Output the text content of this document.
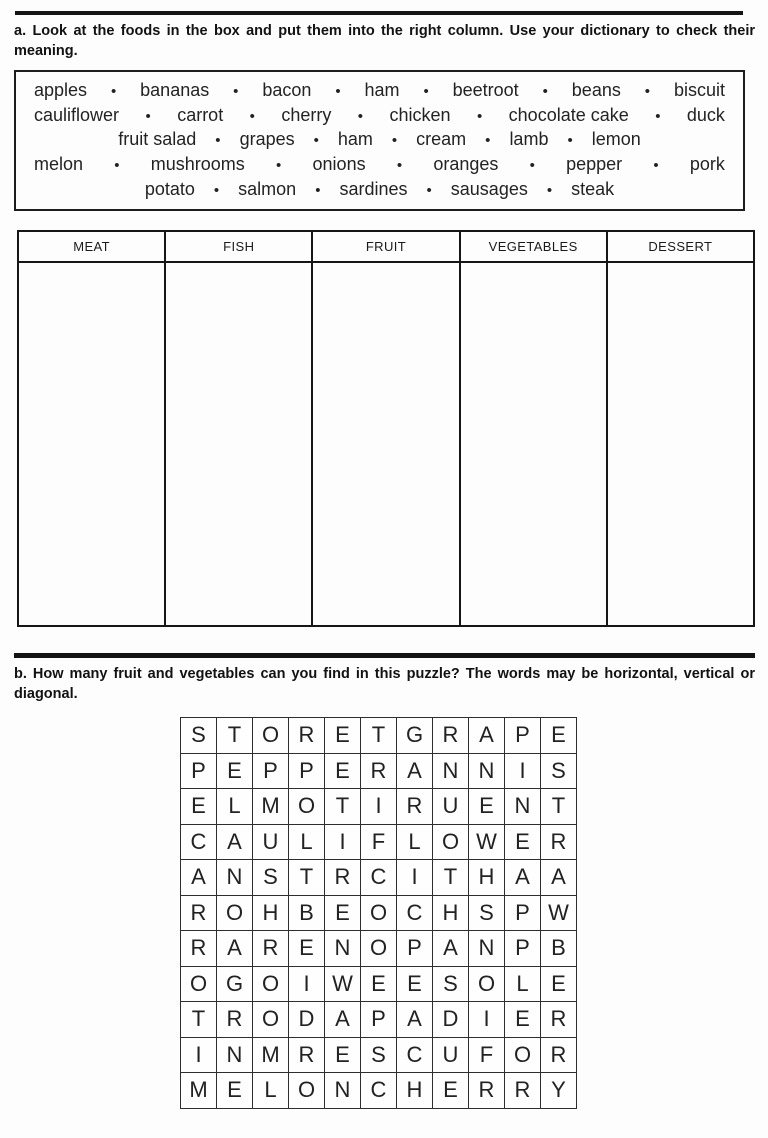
a. Look at the foods in the box and put them into the right column. Use your dictionary to check their meaning.

apples • bananas • bacon • ham • beetroot • beans • biscuit
cauliflower • carrot • cherry • chicken • chocolate cake • duck
fruit salad • grapes • ham • cream • lamb • lemon
melon • mushrooms • onions • oranges • pepper • pork
potato • salmon • sardines • sausages • steak
MEAT	FISH	FRUIT	VEGETABLES	DESSERT

b. How many fruit and vegetables can you find in this puzzle? The words may be horizontal, vertical or diagonal.

S	T	O	R	E	T	G	R	A	P	E
P	E	P	P	E	R	A	N	N	I	S
E	L	M	O	T	I	R	U	E	N	T
C	A	U	L	I	F	L	O	W	E	R
A	N	S	T	R	C	I	T	H	A	A
R	O	H	B	E	O	C	H	S	P	W
R	A	R	E	N	O	P	A	N	P	B
O	G	O	I	W	E	E	S	O	L	E
T	R	O	D	A	P	A	D	I	E	R
I	N	M	R	E	S	C	U	F	O	R
M	E	L	O	N	C	H	E	R	R	Y
